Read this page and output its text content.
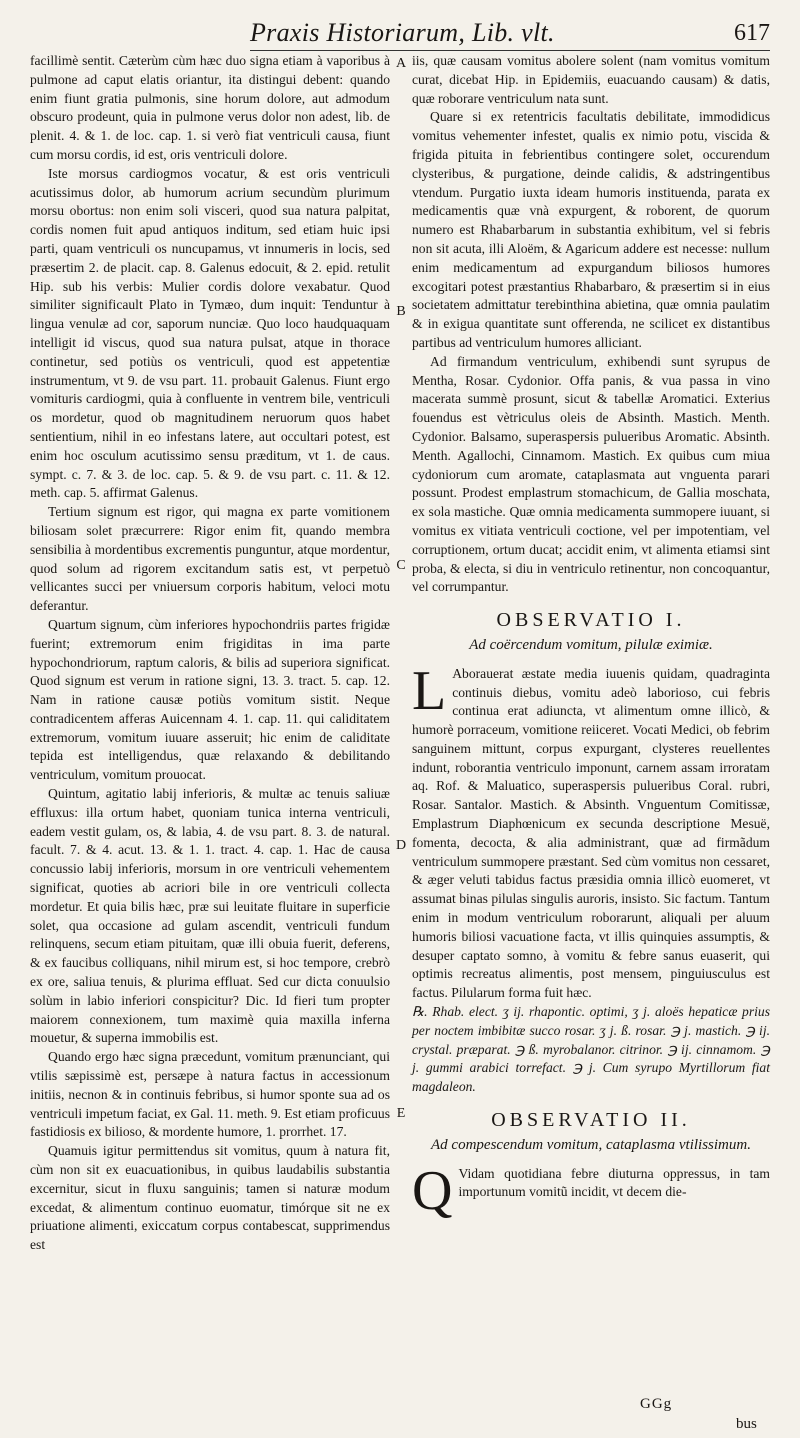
Praxis Historiarum, Lib. vlt.	617

facillimè sentit. Cæterùm cùm hæc duo signa etiam à vaporibus à pulmone ad caput elatis oriantur, ita distingui debent: quando enim fiunt gratia pulmonis, sine horum dolore, aut admodum obscuro prodeunt, quia in pulmone verus dolor non adest, lib. de plenit. 4. & 1. de loc. cap. 1. si verò fiat ventriculi causa, fiunt cum morsu cordis, id est, oris ventriculi dolore.

Iste morsus cardiogmos vocatur, & est oris ventriculi acutissimus dolor, ab humorum acrium secundùm plurimum morsu obortus: non enim soli visceri, quod sua natura palpitat, cordis nomen fuit apud antiquos inditum, sed etiam huic ipsi parti, quam ventriculi os nuncupamus, vt innumeris in locis, sed præsertim 2. de placit. cap. 8. Galenus edocuit, & 2. epid. retulit Hip. sub his verbis: Mulier cordis dolore vexabatur. Quod similiter significault Plato in Tymæo, dum inquit: Tenduntur à lingua venulæ ad cor, saporum nunciæ. Quo loco haudquaquam intelligit id viscus, quod sua natura pulsat, atque in thorace continetur, sed potiùs os ventriculi, quod est appetentiæ instrumentum, vt 9. de vsu part. 11. probauit Galenus. Fiunt ergo vomituris cardiogmi, quia à confluente in ventrem bile, ventriculi os mordetur, quod ob magnitudinem neruorum quos habet sentientium, nihil in eo infestans latere, aut occultari potest, est enim hoc osculum acutissimo sensu præditum, vt 1. de caus. sympt. c. 7. & 3. de loc. cap. 5. & 9. de vsu part. c. 11. & 12. meth. cap. 5. affirmat Galenus.

Tertium signum est rigor, qui magna ex parte vomitionem biliosam solet præcurrere: Rigor enim fit, quando membra sensibilia à mordentibus excrementis punguntur, atque mordentur, quod solum ad rigorem excitandum satis est, vt perpetuò vellicantes succi per vniuersum corporis habitum, veloci motu deferantur.

Quartum signum, cùm inferiores hypochondriis partes frigidæ fuerint; extremorum enim frigiditas in ima parte hypochondriorum, raptum caloris, & bilis ad superiora significat. Quod signum est verum in ratione signi, 13. 3. tract. 5. cap. 12. Nam in ratione causæ potiùs vomitum sistit. Neque contradicentem afferas Auicennam 4. 1. cap. 11. qui caliditatem extremorum, vomitum iuuare asseruit; hic enim de caliditate tepida est intelligendus, quæ relaxando & debilitando ventriculum, vomitum prouocat.

Quintum, agitatio labij inferioris, & multæ ac tenuis saliuæ effluxus: illa ortum habet, quoniam tunica interna ventriculi, eadem vestit gulam, os, & labia, 4. de vsu part. 8. 3. de natural. facult. 7. & 4. acut. 13. & 1. 1. tract. 4. cap. 1. Hac de causa concussio labij inferioris, morsum in ore ventriculi vehementem significat, quoties ab acriori bile in ore ventriculi collecta mordetur. Et quia bilis hæc, præ sui leuitate fluitare in superficie solet, qua occasione ad gulam ascendit, ventriculi fundum relinquens, secum etiam pituitam, quæ illi obuia fuerit, deferens, & ex faucibus colliquans, nihil mirum est, si hoc tempore, crebrò ex ore, saliua tenuis, & plurima effluat. Sed cur dicta conuulsio solùm in labio inferiori conspicitur? Dic. Id fieri tum propter maiorem connexionem, tum maximè quia maxilla inferna mouetur, & superna immobilis est.

Quando ergo hæc signa præcedunt, vomitum prænunciant, qui vtilis sæpissimè est, persæpe à natura factus in accessionum initiis, necnon & in continuis febribus, si humor sponte sua ad os ventriculi impetum faciat, ex Gal. 11. meth. 9. Est etiam proficuus fastidiosis ex bilioso, & mordente humore, 1. prorrhet. 17.

Quamuis igitur permittendus sit vomitus, quum à natura fit, cùm non sit ex euacuationibus, in quibus laudabilis substantia excernitur, sicut in fluxu sanguinis; tamen si naturæ modum excedat, & alimentum continuo euomatur, timórque sit ne ex priuatione alimenti, exiccatum corpus contabescat, supprimendus est

A
B
C
D
E

iis, quæ causam vomitus abolere solent (nam vomitus vomitum curat, dicebat Hip. in Epidemiis, euacuando causam) & datis, quæ roborare ventriculum nata sunt.

Quare si ex retentricis facultatis debilitate, immodidicus vomitus vehementer infestet, qualis ex nimio potu, viscida & frigida pituita in febrientibus contingere solet, occurendum clysteribus, & purgatione, deinde calidis, & adstringentibus vtendum. Purgatio iuxta ideam humoris instituenda, parata ex medicamentis quæ vnà expurgent, & roborent, de quorum numero est Rhabarbarum in substantia exhibitum, vel si febris non sit acuta, illi Aloëm, & Agaricum addere est necesse: nullum enim medicamentum ad expurgandum biliosos humores excogitari potest præstantius Rhabarbaro, & præsertim si in eius societatem admittatur terebinthina abietina, quæ omnia paulatim & in exigua quantitate sunt offerenda, ne scilicet ex distantibus partibus ad ventriculum humores alliciant.

Ad firmandum ventriculum, exhibendi sunt syrupus de Mentha, Rosar. Cydonior. Offa panis, & vua passa in vino macerata summè prosunt, sicut & tabellæ Aromatici. Exterius fouendus est vètriculus oleis de Absinth. Mastich. Menth. Cydonior. Balsamo, superaspersis pulueribus Aromatic. Absinth. Menth. Agallochi, Cinnamom. Mastich. Ex quibus cum miua cydoniorum cum aromate, cataplasmata aut vnguenta parari possunt. Prodest emplastrum stomachicum, de Gallia moschata, ex sola mastiche. Quæ omnia medicamenta summopere iuuant, si vomitus ex vitiata ventriculi coctione, vel per impotentiam, vel corruptionem, ortum ducat; accidit enim, vt alimenta etiamsi sint proba, & electa, si diu in ventriculo retinentur, non concoquantur, vel corrumpantur.

OBSERVATIO I.
Ad coërcendum vomitum, pilulæ eximiæ.

L Aborauerat æstate media iuuenis quidam, quadraginta continuis diebus, vomitu adeò laborioso, cui febris continua erat adiuncta, vt alimentum omne illicò, & humorè porraceum, vomitione reiiceret. Vocati Medici, ob febrim sanguinem mittunt, corpus expurgant, clysteres reuellentes indunt, roborantia ventriculo imponunt, carnem assam irroratam aq. Rof. & Maluatico, superaspersis pulueribus Coral. rubri, Rosar. Santalor. Mastich. & Absinth. Vnguentum Comitissæ, Emplastrum Diaphœnicum ex secunda descriptione Mesuë, fomenta, decocta, & alia administrant, quæ ad firmãdum ventriculum summopere præstant. Sed cùm vomitus non cessaret, & æger veluti tabidus factus præsidia omnia illicò euomeret, vt assumat binas pilulas singulis auroris, insisto. Sic factum. Tantum enim in modum ventriculum roborarunt, aliquali per aluum humoris biliosi vacuatione facta, vt illis quinquies assumptis, & desuper captato somno, à vomitu & febre sanus euaserit, qui optimis recreatus alimentis, post mensem, pinguiusculus est factus. Pilularum forma fuit hæc.

℞. Rhab. elect. ʒ ij. rhapontic. optimi, ʒ j. aloës hepaticæ prius per noctem imbibitæ succo rosar. ʒ j. ß. rosar. ℈ j. mastich. ℈ ij. crystal. præparat. ℈ ß. myrobalanor. citrinor. ℈ ij. cinnamom. ℈ j. gummi arabici torrefact. ℈ j. Cum syrupo Myrtillorum fiat magdaleon.

OBSERVATIO II.
Ad compescendum vomitum, cataplasma vtilissimum.

Q Vidam quotidiana febre diuturna oppressus, in tam importunum vomitũ incidit, vt decem die-

GGg
bus
